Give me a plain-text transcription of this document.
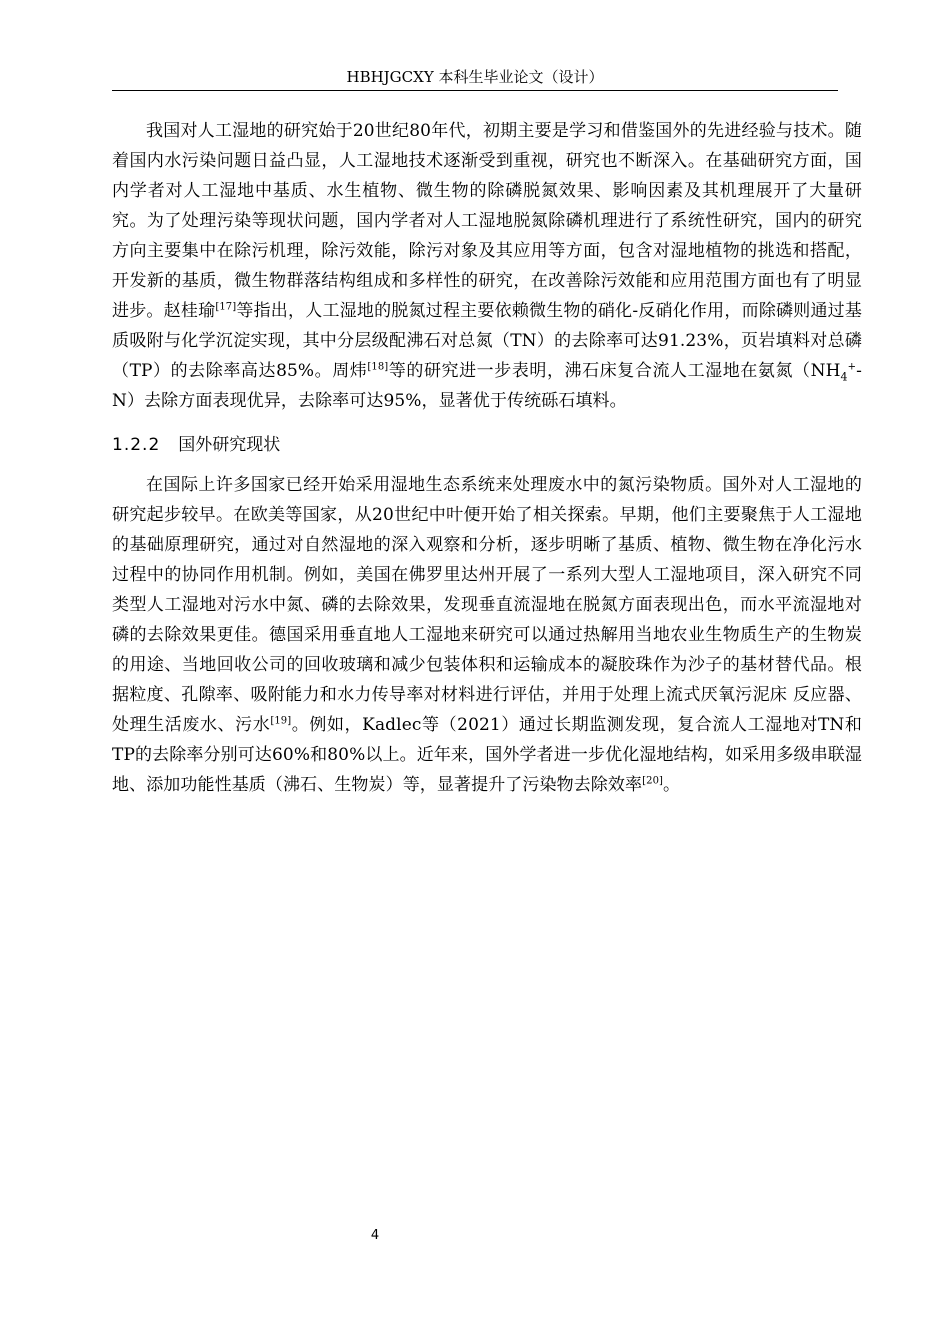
HBHJGCXY 本科生毕业论文（设计）

我国对人工湿地的研究始于20世纪80年代，初期主要是学习和借鉴国外的先进经验与技术。随着国内水污染问题日益凸显，人工湿地技术逐渐受到重视，研究也不断深入。在基础研究方面，国内学者对人工湿地中基质、水生植物、微生物的除磷脱氮效果、影响因素及其机理展开了大量研究。为了处理污染等现状问题，国内学者对人工湿地脱氮除磷机理进行了系统性研究，国内的研究方向主要集中在除污机理，除污效能，除污对象及其应用等方面，包含对湿地植物的挑选和搭配，开发新的基质，微生物群落结构组成和多样性的研究，在改善除污效能和应用范围方面也有了明显进步。赵桂瑜[17]等指出，人工湿地的脱氮过程主要依赖微生物的硝化-反硝化作用，而除磷则通过基质吸附与化学沉淀实现，其中分层级配沸石对总氮（TN）的去除率可达91.23%，页岩填料对总磷（TP）的去除率高达85%。周炜[18]等的研究进一步表明，沸石床复合流人工湿地在氨氮$(NH_4^+-N)$去除方面表现优异，去除率可达95%，显著优于传统砾石填料。

1.2.2 国外研究现状

在国际上许多国家已经开始采用湿地生态系统来处理废水中的氮污染物质。国外对人工湿地的研究起步较早。在欧美等国家，从20世纪中叶便开始了相关探索。早期，他们主要聚焦于人工湿地的基础原理研究，通过对自然湿地的深入观察和分析，逐步明晰了基质、植物、微生物在净化污水过程中的协同作用机制。例如，美国在佛罗里达州开展了一系列大型人工湿地项目，深入研究不同类型人工湿地对污水中氮、磷的去除效果，发现垂直流湿地在脱氮方面表现出色，而水平流湿地对磷的去除效果更佳。德国采用垂直地人工湿地来研究可以通过热解用当地农业生物质生产的生物炭的用途、当地回收公司的回收玻璃和减少包装体积和运输成本的凝胶珠作为沙子的基材替代品。根据粒度、孔隙率、吸附能力和水力传导率对材料进行评估，并用于处理上流式厌氧污泥床 反应器、处理生活废水、污水[19]。例如，Kadlec等（2021）通过长期监测发现，复合流人工湿地对TN和TP的去除率分别可达60%和80%以上。近年来，国外学者进一步优化湿地结构，如采用多级串联湿地、添加功能性基质（沸石、生物炭）等，显著提升了污染物去除效率[20]。

4
